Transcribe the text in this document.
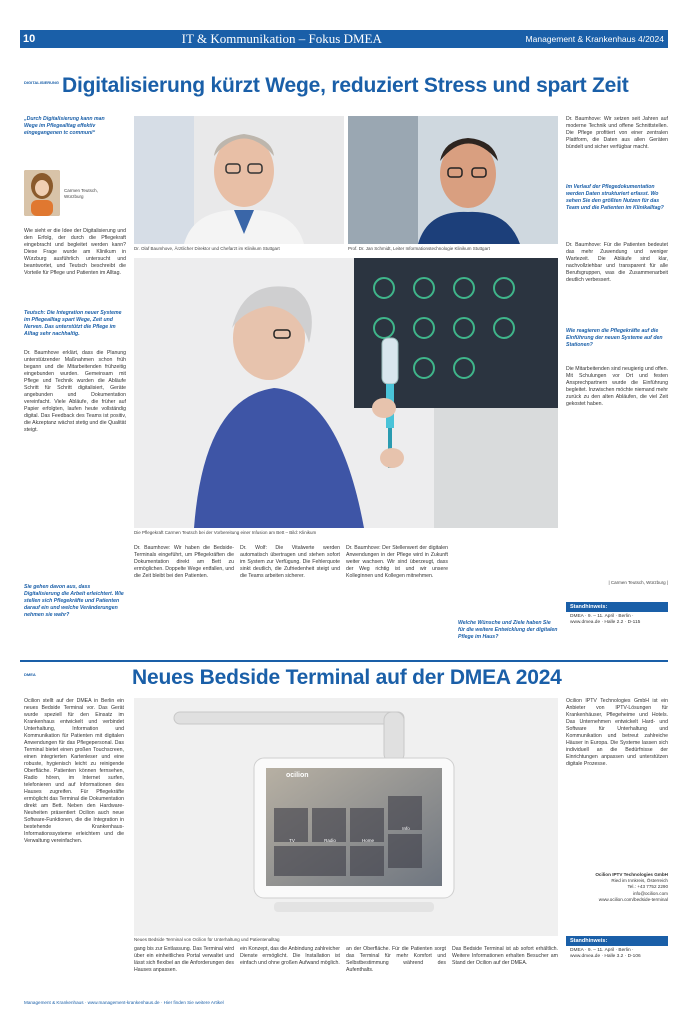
10	IT & Kommunikation – Fokus DMEA	Management & Krankenhaus 4/2024
DIGITALISIERUNG Digitalisierung kürzt Wege, reduziert Stress und spart Zeit
„Durch Digitalisierung kann man Wege im Pflegealltag effektiv eingegangenen tc communi“
Carmen Teutsch,
Würzburg
Wie sieht er die Idee der Digitalisierung und den Erfolg, der durch die Pflegekraft eingebracht und begleitet werden kann? Diese Frage wurde am Klinikum in Würzburg ausführlich untersucht und beantwortet, und Teutsch beschreibt die Vorteile für Pflege und Patienten im Alltag.
Teutsch: Die Integration neuer Systeme im Pflegealltag spart Wege, Zeit und Nerven. Das unterstützt die Pflege im Alltag sehr nachhaltig.
Dr. Baumhove erklärt, dass die Planung unterstützender Maßnahmen schon früh begann und die Mitarbeitenden frühzeitig eingebunden wurden. Gemeinsam mit Pflege und Technik wurden die Abläufe Schritt für Schritt digitalisiert, Geräte angebunden und Dokumentation vereinfacht. Viele Abläufe, die früher auf Papier erfolgten, laufen heute vollständig digital. Das Feedback des Teams ist positiv, die Akzeptanz wächst stetig und die Qualität steigt.
Sie gehen davon aus, dass Digitalisierung die Arbeit erleichtert. Wie stellen sich Pflegekräfte und Patienten darauf ein und welche Veränderungen nehmen sie wahr?
Dr. Olaf Baumhove, Ärztlicher Direktor und Chefarzt im Klinikum Stuttgart	Prof. Dr. Jan Schmidt, Leiter Informationstechnologie Klinikum Stuttgart
Die Pflegekraft Carmen Teutsch bei der Vorbereitung einer Infusion am Bett – Bild: Klinikum
Dr. Baumhove: Wir haben die Bedside-Terminals eingeführt, um Pflegekräften die Dokumentation direkt am Bett zu ermöglichen. Doppelte Wege entfallen, und die Zeit bleibt bei den Patienten.
Dr. Wolf: Die Vitalwerte werden automatisch übertragen und stehen sofort im System zur Verfügung. Die Fehlerquote sinkt deutlich, die Zufriedenheit steigt und die Teams arbeiten sicherer.
Dr. Baumhove: Der Stellenwert der digitalen Anwendungen in der Pflege wird in Zukunft weiter wachsen. Wir sind überzeugt, dass der Weg richtig ist und wir unsere Kolleginnen und Kollegen mitnehmen.
Welche Wünsche und Ziele haben Sie für die weitere Entwicklung der digitalen Pflege im Haus?
Dr. Baumhove: Wir setzen seit Jahren auf moderne Technik und offene Schnittstellen. Die Pflege profitiert von einer zentralen Plattform, die Daten aus allen Geräten bündelt und sicher verfügbar macht.
Im Verlauf der Pflegedokumentation werden Daten strukturiert erfasst. Wo sehen Sie den größten Nutzen für das Team und die Patienten im Klinikalltag?
Dr. Baumhove: Für die Patienten bedeutet das mehr Zuwendung und weniger Wartezeit. Die Abläufe sind klar, nachvollziehbar und transparent für alle Berufsgruppen, was die Zusammenarbeit deutlich verbessert.
Wie reagieren die Pflegekräfte auf die Einführung der neuen Systeme auf den Stationen?
Die Mitarbeitenden sind neugierig und offen. Mit Schulungen vor Ort und festen Ansprechpartnern wurde die Einführung begleitet. Inzwischen möchte niemand mehr zurück zu den alten Abläufen, die viel Zeit gekostet haben.
| Carmen Teutsch, Würzburg |
Standhinweis:
DMEA · 9. – 11. April · Berlin · www.dmea.de · Halle 2.2 · D-115
DMEA	Neues Bedside Terminal auf der DMEA 2024
Ocilion stellt auf der DMEA in Berlin ein neues Bedside Terminal vor. Das Gerät wurde speziell für den Einsatz im Krankenhaus entwickelt und verbindet Unterhaltung, Information und Kommunikation für Patienten mit digitalen Anwendungen für das Pflegepersonal. Das Terminal bietet einen großen Touchscreen, einen integrierten Kartenleser und eine robuste, hygienisch leicht zu reinigende Oberfläche. Patienten können fernsehen, Radio hören, im Internet surfen, telefonieren und auf Informationen des Hauses zugreifen. Für Pflegekräfte ermöglicht das Terminal die Dokumentation direkt am Bett. Neben den Hardware-Neuheiten präsentiert Ocilion auch neue Software-Funktionen, die die Integration in bestehende Krankenhaus-Informationssysteme erleichtern und die Verwaltung vereinfachen.
ocilion
TV	Radio	Home
Info
Neues Bedside Terminal von Ocilion für Unterhaltung und Patientenalltag
gang bis zur Entlassung. Das Terminal wird über ein einheitliches Portal verwaltet und lässt sich flexibel an die Anforderungen des Hauses anpassen.
ein Konzept, das die Anbindung zahlreicher Dienste ermöglicht. Die Installation ist einfach und ohne großen Aufwand möglich.
an der Oberfläche. Für die Patienten sorgt das Terminal für mehr Komfort und Selbstbestimmung während des Aufenthalts.
Das Bedside Terminal ist ab sofort erhältlich. Weitere Informationen erhalten Besucher am Stand der Ocilion auf der DMEA.
Ocilion IPTV Technologies GmbH ist ein Anbieter von IPTV-Lösungen für Krankenhäuser, Pflegeheime und Hotels. Das Unternehmen entwickelt Hard- und Software für Unterhaltung und Kommunikation und betreut zahlreiche Häuser in Europa. Die Systeme lassen sich individuell an die Bedürfnisse der Einrichtungen anpassen und unterstützen digitale Prozesse.
Ocilion IPTV Technologies GmbH
Ried im Innkreis, Österreich
Tel.: +43 7752 2290
info@ocilion.com
www.ocilion.com/bedside-terminal
Standhinweis:
DMEA · 9. – 11. April · Berlin · www.dmea.de · Halle 3.2 · D-106
Management & Krankenhaus · www.management-krankenhaus.de · Hier finden Sie weitere Artikel
